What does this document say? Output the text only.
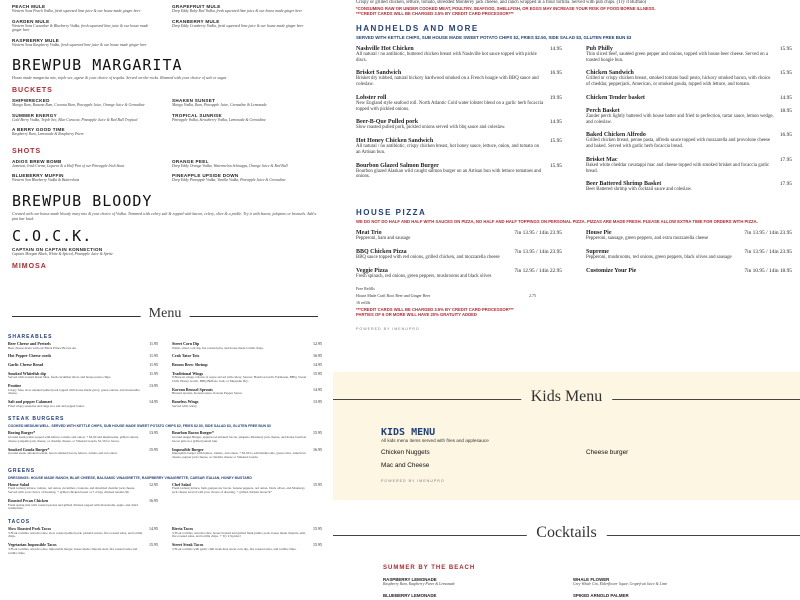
PEACH MULE
Western Sons Peach Vodka, fresh squeezed lime juice & our house made ginger beer
GARDEN MULE
Western Sons Cucumber & Blueberry Vodka, fresh squeezed lime juice & our house made ginger beer
RASPBERRY MULE
Western Sons Raspberry Vodka, fresh squeezed lime juice & our house made ginger beer
GRAPEFRUIT MULE
Deep Eddy Ruby Red Vodka, fresh squeezed lime juice & our house made ginger beer
CRANBERRY MULE
Deep Eddy Cranberry Vodka, fresh squeezed lime juice & our house made ginger beer
BREWPUB MARGARITA
House made margarita mix, triple sec, agave & your choice of tequila. Served on-the-rocks. Rimmed with your choice of salt or sugar
BUCKETS
SHIPWRECKED
Mango Rum, Banana Rum, Coconut Rum, Pineapple Juice, Orange Juice & Grenadine
SUMMER ENERGY
Cold Berry Vodka, Triple Sec, Blue Curacao, Pineapple Juice & Red Bull Tropical
A BERRY GOOD TIME
Raspberry Rum, Lemonade & Raspberry Puree
SHAKEN SUNSET
Mango Vodka, Rum, Pineapple Juice, Grenadine & Lemonade
TROPICAL SUNRISE
Pineapple Vodka, Strawberry Vodka, Lemonade & Grenadine.
SHOTS
ADIOS BREW BOMB
Jameson, Irish Creme, Liqueur & a Half Pint of our Pineapple Irish Stout
BLUEBERRY MUFFIN
Western Son Blueberry Vodka & Buttershots
ORANGE PEEL
Deep Eddy Orange Vodka, Watermelon Schnapps, Orange Juice & Red Bull
PINEAPPLE UPSIDE DOWN
Deep Eddy Pineapple Vodka, Vanilla Vodka, Pineapple Juice & Grenadine
BREWPUB BLOODY
Created with our house made bloody mary mix & your choice of Vodka. Trimmed with celery salt & topped with bacon, celery, olive & a pickle. Try it with bacon, jalapeno or brussels. Add a pint bar back.
C.O.C.K.
CAPTAIN ON CAPTAIN KONNECTION
Captain Morgan Black, White & Spiced, Pineapple Juice & Sprite
MIMOSA
Menu
SHAREABLES
Beer Cheese and Pretzels
Beer cheese made with our Black Prince Brown ale.
11.95
Hot Pepper Cheese curds	11.95
Garlic Cheese Bread	11.95
Smoked Whitefish dip
Served with toasted bread bites, fresh cucumber slices and house potato chips.
11.95
Poutine
Crispy fries, slow smoked pulled pork topped with house made gravy, green onions, and mozzarella cheese.
13.95
Salt and pepper Calamari
Fried crispy tentacles and rings in a salt and pepper batter.
14.95
Street Corn Dip
Warm, street corn dip, hot roasted pita, and house made tortilla chips.
12.95
Crab Tator Tots	16.95
Broom Brew Shrimp	14.95
Traditional Wings
8 Bone-in wings. Choice of sauce served with celery. Sauces: Bourbon Garlic Parmesan, BBQ, Sweet Chili, Honey Garlic, BBQ Buffalo, Jerk, or Mesquite Dry.
15.95
Korean Brussel Sprouts
Brussel sprouts, Korean sauce, Korean Pepper Sauce.
14.95
Boneless Wings
Served with celery.
13.95
STEAK BURGERS
COOKED MEDIUM WELL. SERVED WITH KETTLE CHIPS, SUB HOUSE MADE SWEET POTATO CHIPS $2, FRIES $2.50, SIDE SALAD $3, GLUTEN FREE BUN $3
Boxing Burger*
Ground steak pattie topped with lettuce, tomato and onion. + $2.00 add mushrooms, grilled onions, cheese, jalapeño jack cheese, or cheddar cheese. or Smoked Gouda, $1.50 for bacon.
13.95
Smoked Gouda Burger*
Ground steak, smoked Gouda, bacon smoked bacon, lettuce, tomato and red onion.
15.95
Bourbon Bacon Burger*
Ground Angus Burger, applewood smoked bacon, jalapeno Monterey jack cheese, and house bourbon bacon jam on a grilled pretzel bun.
15.95
Impossible Burger
Impossible burger with lettuce, tomato, and onion. + $2.00 to add mushrooms, green olive, American cheese, pepper jack cheese, or cheddar cheese or Smoked Gouda.
16.95
GREENS
DRESSINGS: HOUSE MADE RANCH, BLUE CHEESE, BALSAMIC VINAIGRETTE, RASPBERRY VINAIGRETTE, CAESAR ITALIAN, HONEY MUSTARD
House Salad
Fresh iceberg lettuce, tomato, red onion, cucumber, croutons, and shredded cheddar jack cheese. Served with your choice of dressing. + grilled chicken breast or 5 crispy chicken tenders $6
12.95
Roasted Pecan Chicken
Fresh spring mix with roasted pecans and grilled chicken topped with mozzarella, apple, and dried cranberries.
16.95
Chef Salad
Fresh iceberg lettuce, ham, pepperoni, bacon, banana peppers, red onion, black olives, and Monterey jack cheese served with your choice of dressing. + grilled chicken breast $7
15.95
TACOS
Slow Roasted Pork Tacos
3 Flour tortillas, sriracha slaw, slow roasted pulled pork, pickled onions, fire roasted salsa, and tortilla chips.
14.95
Vegetarian Impossible Tacos
3 Flour tortillas, sriracha slaw, impossible burger, house made chipotle aioli, fire roasted salsa and tortilla chips.
15.95
Birria Tacos
3 Flour tortillas, sriracha slaw, house braised and grilled flank jumbo pork, house made chipotle aioli, fire roasted salsa, and tortilla chips. + Try it Spicier!
15.95
Street Steak Tacos
3 Flour tortillas with garlic chili steak then street corn dip, fire roasted salsa, and tortilla chips.
15.95
Crispy or grilled chicken, lettuce, tomato, shredded Monterey jack cheese, and ranch wrapped in a flour tortilla. Served with pub chips. (Try it Buffalo)
*CONSUMING RAW OR UNDER COOKED MEAT, POULTRY, SEAFOOD, SHELLFISH, OR EGGS MAY INCREASE YOUR RISK OF FOOD BORNE ILLNESS.
***CREDIT CARDS WILL BE CHARGED 3.5% BY CREDIT CARD PROCESSOR***
HANDHELDS AND MORE
SERVED WITH KETTLE CHIPS, SUB HOUSE MADE SWEET POTATO CHIPS $2, FRIES $2.50, SIDE SALAD $3, GLUTEN FREE BUN $3
Nashville Hot Chicken
All natural / no antibiotic, buttered chicken breast with Nashville hot sauce topped with pickle discs.
14.95
Brisket Sandwich
Brisket dry rubbed, natural hickory hardwood smoked on a French hoagie with BBQ sauce and coleslaw.
16.95
Lobster roll
New England style seafood roll. North Atlantic Cold water lobster blend on a garlic herb focaccia topped with pickled onions.
19.95
Beer-B-Que Pulled pork
Slow roasted pulled pork, pickled onions served with bbq sauce and coleslaw.
14.95
Hot Honey Chicken Sandwich
All natural / no antibiotic, crispy chicken breast, hot honey sauce, lettuce, onion, and tomato on an Artisan bun.
15.95
Bourbon Glazed Salmon Burger
Bourbon glazed Alaskan wild caught salmon burger on an Artisan bun with lettuce tomatoes and onions.
15.95
Pub Philly
Thin sliced beef, sautéed green pepper and onions, topped with house beer cheese. Served on a toasted hoagie bun.
15.95
Chicken Sandwich
Grilled or crispy chicken breast, smoked tomato basil pesto, hickory smoked bacon, with choice of cheddar, pepperjack, American, or smoked gouda, topped with lettuce, and tomato.
15.95
Chicken Tender basket	14.95
Perch Basket
Zander perch lightly battered with house batter and fried to perfection, tartar sauce, lemon wedge, and coleslaw.
18.95
Baked Chicken Alfredo
Grilled chicken breast, penne pasta, alfredo sauce topped with mozzarella and provolone cheese and baked. Served with garlic herb focaccia bread.
16.95
Brisket Mac
Baked white cheddar cavatappi mac and cheese topped with smoked brisket and focaccia garlic bread.
17.95
Beer Battered Shrimp Basket
Beer Battered shrimp with cocktail sauce and coleslaw.
17.95
HOUSE PIZZA
WE DO NOT DO HALF AND HALF WITH SAUCES ON PIZZA, NO HALF AND HALF TOPPINGS ON PERSONAL PIZZA. PIZZAS ARE MADE FRESH. PLEASE ALLOW EXTRA TIME FOR ORDERS WITH PIZZA.
Meat Trio
Pepperoni, ham and sausage
7in 13.95 / 14in 23.95
BBQ Chicken Pizza
BBQ sauce topped with red onions, grilled chicken, and mozzarella cheese
7in 13.95 / 14in 23.95
Veggie Pizza
Fresh spinach, red onions, green peppers, mushrooms and black olives
7in 12.95 / 14in 22.95
House Pie
Pepperoni, sausage, green peppers, and extra mozzarella cheese
7in 13.95 / 14in 23.95
Supreme
Pepperoni, mushrooms, red onions, green peppers, black olives and sausage
7in 13.95 / 14in 23.95
Customize Your Pie	7in 10.95 / 14in 18.95
Free Refills
House Made Craft Root Beer and Ginger Beer	2.75
16 refills
***CREDIT CARDS WILL BE CHARGED 3.5% BY CREDIT CARD PROCESSOR***
PARTIES OF 6 OR MORE WILL HAVE 20% GRATUITY ADDED
POWERED BY IMENUPRO
Kids Menu
KIDS MENU
All kids menu items served with fries and applesauce
Chicken Nuggets	Cheese burger
Mac and Cheese
POWERED BY IMENUPRO
Cocktails
SUMMER BY THE BEACH
RASPBERRY LEMONADE
Raspberry Rum, Raspberry Puree & Lemonade
BLUEBERRY LEMONADE
WHALE FLOWER
Grey Whale Gin, Elderflower liquor, Grapefruit Juice & Lime
SPIKED ARNOLD PALMER
